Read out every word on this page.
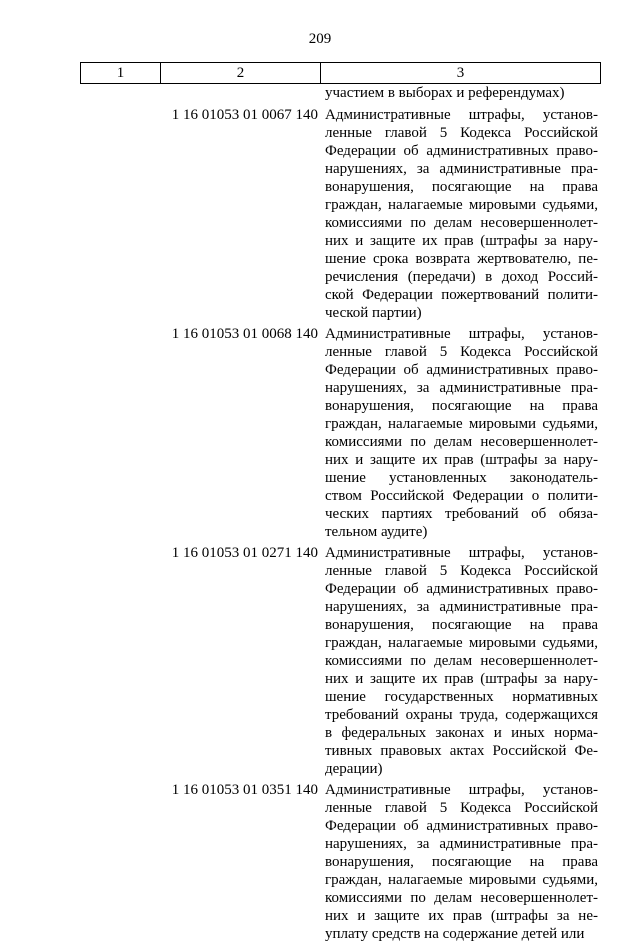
209
1	2	3
участием в выборах и референдумах)
1 16 01053 01 0067 140 Административные штрафы, установ-
ленные главой 5 Кодекса Российской
Федерации об административных право-
нарушениях, за административные пра-
вонарушения, посягающие на права
граждан, налагаемые мировыми судьями,
комиссиями по делам несовершеннолет-
них и защите их прав (штрафы за нару-
шение срока возврата жертвователю, пе-
речисления (передачи) в доход Россий-
ской Федерации пожертвований полити-
ческой партии)
1 16 01053 01 0068 140 Административные штрафы, установ-
ленные главой 5 Кодекса Российской
Федерации об административных право-
нарушениях, за административные пра-
вонарушения, посягающие на права
граждан, налагаемые мировыми судьями,
комиссиями по делам несовершеннолет-
них и защите их прав (штрафы за нару-
шение установленных законодатель-
ством Российской Федерации о полити-
ческих партиях требований об обяза-
тельном аудите)
1 16 01053 01 0271 140 Административные штрафы, установ-
ленные главой 5 Кодекса Российской
Федерации об административных право-
нарушениях, за административные пра-
вонарушения, посягающие на права
граждан, налагаемые мировыми судьями,
комиссиями по делам несовершеннолет-
них и защите их прав (штрафы за нару-
шение государственных нормативных
требований охраны труда, содержащихся
в федеральных законах и иных норма-
тивных правовых актах Российской Фе-
дерации)
1 16 01053 01 0351 140 Административные штрафы, установ-
ленные главой 5 Кодекса Российской
Федерации об административных право-
нарушениях, за административные пра-
вонарушения, посягающие на права
граждан, налагаемые мировыми судьями,
комиссиями по делам несовершеннолет-
них и защите их прав (штрафы за не-
уплату средств на содержание детей или
